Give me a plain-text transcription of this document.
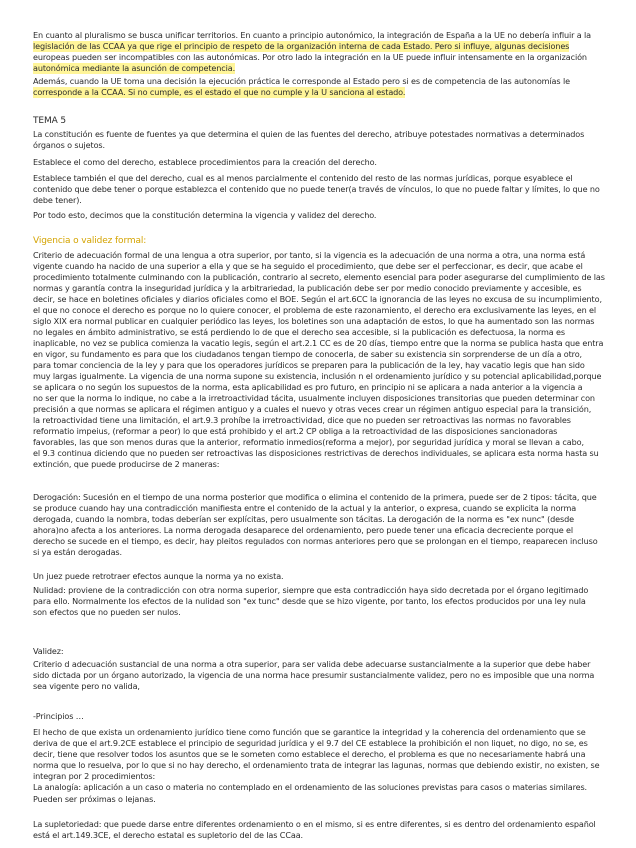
En cuanto al pluralismo se busca unificar territorios. En cuanto a principio autonómico, la integración de España a la UE no debería influir a la
legislación de las CCAA ya que rige el principio de respeto de la organización interna de cada Estado. Pero si influye, algunas decisiones
europeas pueden ser incompatibles con las autonómicas. Por otro lado la integración en la UE puede influir intensamente en la organización
autonómica mediante la asunción de competencia.
Además, cuando la UE toma una decisión la ejecución práctica le corresponde al Estado pero si es de competencia de las autonomías le
corresponde a la CCAA. Si no cumple, es el estado el que no cumple y la U sanciona al estado.
TEMA 5
La constitución es fuente de fuentes ya que determina el quien de las fuentes del derecho, atribuye potestades normativas a determinados
órganos o sujetos.
Establece el como del derecho, establece procedimientos para la creación del derecho.
Establece también el que del derecho, cual es al menos parcialmente el contenido del resto de las normas jurídicas, porque esyablece el
contenido que debe tener o porque establezca el contenido que no puede tener(a través de vínculos, lo que no puede faltar y límites, lo que no
debe tener).
Por todo esto, decimos que la constitución determina la vigencia y validez del derecho.
Vigencia o validez formal:
Criterio de adecuación formal de una lengua a otra superior, por tanto, si la vigencia es la adecuación de una norma a otra, una norma está
vigente cuando ha nacido de una superior a ella y que se ha seguido el procedimiento, que debe ser el perfeccionar, es decir, que acabe el
procedimiento totalmente culminando con la publicación, contrario al secreto, elemento esencial para poder asegurarse del cumplimiento de las
normas y garantía contra la inseguridad jurídica y la arbitrariedad, la publicación debe ser por medio conocido previamente y accesible, es
decir, se hace en boletines oficiales y diarios oficiales como el BOE. Según el art.6CC la ignorancia de las leyes no excusa de su incumplimiento,
el que no conoce el derecho es porque no lo quiere conocer, el problema de este razonamiento, el derecho era exclusivamente las leyes, en el
siglo XIX era normal publicar en cualquier periódico las leyes, los boletines son una adaptación de estos, lo que ha aumentado son las normas
no legales en ámbito administrativo, se está perdiendo lo de que el derecho sea accesible, si la publicación es defectuosa, la norma es
inaplicable, no vez se publica comienza la vacatio legis, según el art.2.1 CC es de 20 días, tiempo entre que la norma se publica hasta que entra
en vigor, su fundamento es para que los ciudadanos tengan tiempo de conocerla, de saber su existencia sin sorprenderse de un día a otro,
para tomar conciencia de la ley y para que los operadores jurídicos se preparen para la publicación de la ley, hay vacatio legis que han sido
muy largas igualmente. La vigencia de una norma supone su existencia, inclusión n el ordenamiento jurídico y su potencial aplicabilidad,porque
se aplicara o no según los supuestos de la norma, esta aplicabilidad es pro futuro, en principio ni se aplicara a nada anterior a la vigencia a
no ser que la norma lo indique, no cabe a la irretroactividad tácita, usualmente incluyen disposiciones transitorias que pueden determinar con
precisión a que normas se aplicara el régimen antiguo y a cuales el nuevo y otras veces crear un régimen antiguo especial para la transición,
la retroactividad tiene una limitación, el art.9.3 prohíbe la irretroactividad, dice que no pueden ser retroactivas las normas no favorables
reformatio impeius, (reformar a peor) lo que está prohibido y el art.2 CP obliga a la retroactividad de las disposiciones sancionadoras
favorables, las que son menos duras que la anterior, reformatio inmedios(reforma a mejor), por seguridad jurídica y moral se llevan a cabo,
el 9.3 continua diciendo que no pueden ser retroactivas las disposiciones restrictivas de derechos individuales, se aplicara esta norma hasta su
extinción, que puede producirse de 2 maneras:
Derogación: Sucesión en el tiempo de una norma posterior que modifica o elimina el contenido de la primera, puede ser de 2 tipos: tácita, que
se produce cuando hay una contradicción manifiesta entre el contenido de la actual y la anterior, o expresa, cuando se explicita la norma
derogada, cuando la nombra, todas deberían ser explícitas, pero usualmente son tácitas. La derogación de la norma es "ex nunc" (desde
ahora)no afecta a los anteriores. La norma derogada desaparece del ordenamiento, pero puede tener una eficacia decreciente porque el
derecho se sucede en el tiempo, es decir, hay pleitos regulados con normas anteriores pero que se prolongan en el tiempo, reaparecen incluso
si ya están derogadas.
Un juez puede retrotraer efectos aunque la norma ya no exista.
Nulidad: proviene de la contradicción con otra norma superior, siempre que esta contradicción haya sido decretada por el órgano legitimado
para ello. Normalmente los efectos de la nulidad son "ex tunc" desde que se hizo vigente, por tanto, los efectos producidos por una ley nula
son efectos que no pueden ser nulos.
Validez:
Criterio d adecuación sustancial de una norma a otra superior, para ser valida debe adecuarse sustancialmente a la superior que debe haber
sido dictada por un órgano autorizado, la vigencia de una norma hace presumir sustancialmente validez, pero no es imposible que una norma
sea vigente pero no valida,
-Principios …
El hecho de que exista un ordenamiento jurídico tiene como función que se garantice la integridad y la coherencia del ordenamiento que se
deriva de que el art.9.2CE establece el principio de seguridad jurídica y el 9.7 del CE establece la prohibición el non liquet, no digo, no se, es
decir, tiene que resolver todos los asuntos que se le someten como establece el derecho, el problema es que no necesariamente habrá una
norma que lo resuelva, por lo que si no hay derecho, el ordenamiento trata de integrar las lagunas, normas que debiendo existir, no existen, se
integran por 2 procedimientos:
La analogía: aplicación a un caso o materia no contemplado en el ordenamiento de las soluciones previstas para casos o materias similares.
Pueden ser próximas o lejanas.
La supletoriedad: que puede darse entre diferentes ordenamiento o en el mismo, si es entre diferentes, si es dentro del ordenamiento español
está el art.149.3CE, el derecho estatal es supletorio del de las CCaa.
